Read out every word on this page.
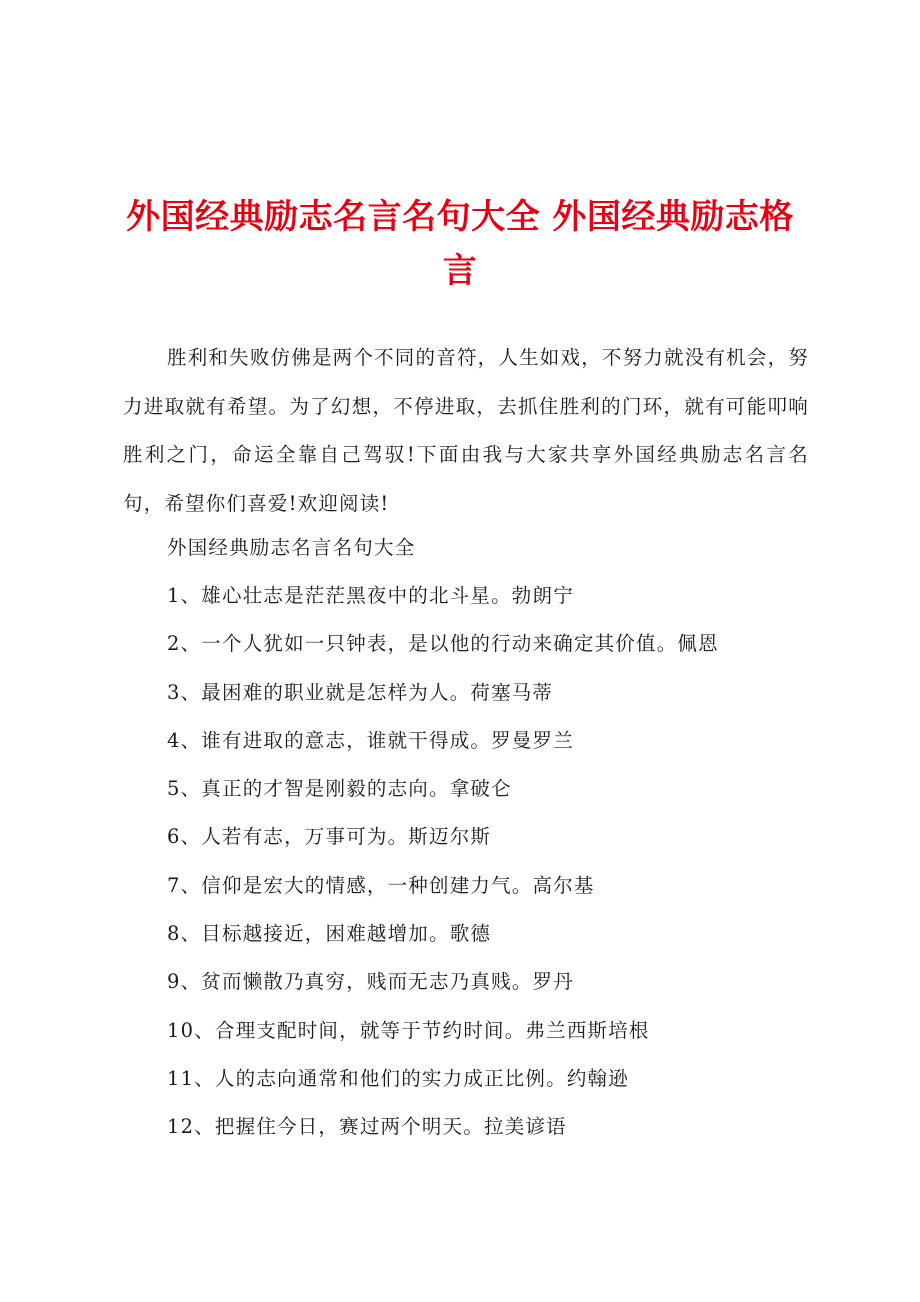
外国经典励志名言名句大全 外国经典励志格言

胜利和失败仿佛是两个不同的音符，人生如戏，不努力就没有机会，努力进取就有希望。为了幻想，不停进取，去抓住胜利的门环，就有可能叩响胜利之门，命运全靠自己驾驭!下面由我与大家共享外国经典励志名言名句，希望你们喜爱!欢迎阅读!

外国经典励志名言名句大全

1、雄心壮志是茫茫黑夜中的北斗星。勃朗宁
2、一个人犹如一只钟表，是以他的行动来确定其价值。佩恩
3、最困难的职业就是怎样为人。荷塞马蒂
4、谁有进取的意志，谁就干得成。罗曼罗兰
5、真正的才智是刚毅的志向。拿破仑
6、人若有志，万事可为。斯迈尔斯
7、信仰是宏大的情感，一种创建力气。高尔基
8、目标越接近，困难越增加。歌德
9、贫而懒散乃真穷，贱而无志乃真贱。罗丹
10、合理支配时间，就等于节约时间。弗兰西斯培根
11、人的志向通常和他们的实力成正比例。约翰逊
12、把握住今日，赛过两个明天。拉美谚语
